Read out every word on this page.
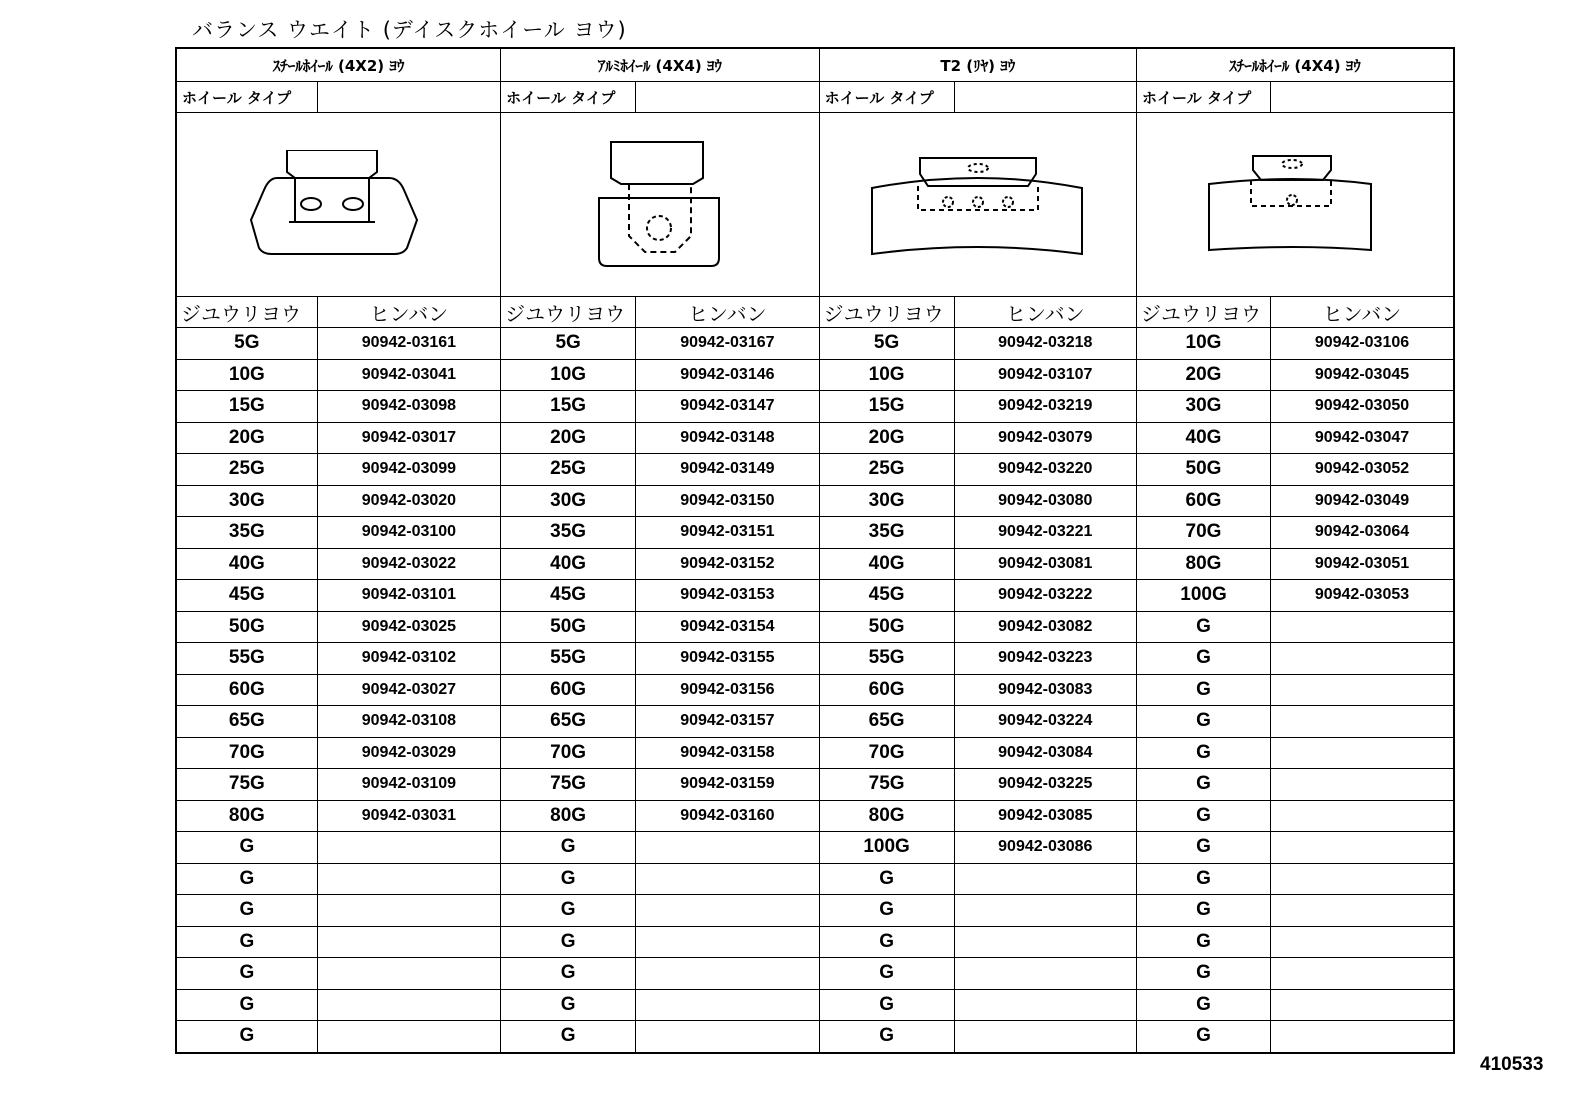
バランス ウエイト (デイスクホイール ヨウ)
ｽﾁｰﾙﾎｲｰﾙ (4X2) ﾖｳ		ｱﾙﾐﾎｲｰﾙ (4X4) ﾖｳ		T2 (ﾘﾔ) ﾖｳ		ｽﾁｰﾙﾎｲｰﾙ (4X4) ﾖｳ	
ホイール タイプ		ホイール タイプ		ホイール タイプ		ホイール タイプ	

ジユウリヨウ	ヒンバン	ジユウリヨウ	ヒンバン	ジユウリヨウ	ヒンバン	ジユウリヨウ	ヒンバン
5G	90942-03161	5G	90942-03167	5G	90942-03218	10G	90942-03106
10G	90942-03041	10G	90942-03146	10G	90942-03107	20G	90942-03045
15G	90942-03098	15G	90942-03147	15G	90942-03219	30G	90942-03050
20G	90942-03017	20G	90942-03148	20G	90942-03079	40G	90942-03047
25G	90942-03099	25G	90942-03149	25G	90942-03220	50G	90942-03052
30G	90942-03020	30G	90942-03150	30G	90942-03080	60G	90942-03049
35G	90942-03100	35G	90942-03151	35G	90942-03221	70G	90942-03064
40G	90942-03022	40G	90942-03152	40G	90942-03081	80G	90942-03051
45G	90942-03101	45G	90942-03153	45G	90942-03222	100G	90942-03053
50G	90942-03025	50G	90942-03154	50G	90942-03082	G	
55G	90942-03102	55G	90942-03155	55G	90942-03223	G	
60G	90942-03027	60G	90942-03156	60G	90942-03083	G	
65G	90942-03108	65G	90942-03157	65G	90942-03224	G	
70G	90942-03029	70G	90942-03158	70G	90942-03084	G	
75G	90942-03109	75G	90942-03159	75G	90942-03225	G	
80G	90942-03031	80G	90942-03160	80G	90942-03085	G	
G		G		100G	90942-03086	G	
G		G		G		G	
G		G		G		G	
G		G		G		G	
G		G		G		G	
G		G		G		G	
G		G		G		G	
410533
